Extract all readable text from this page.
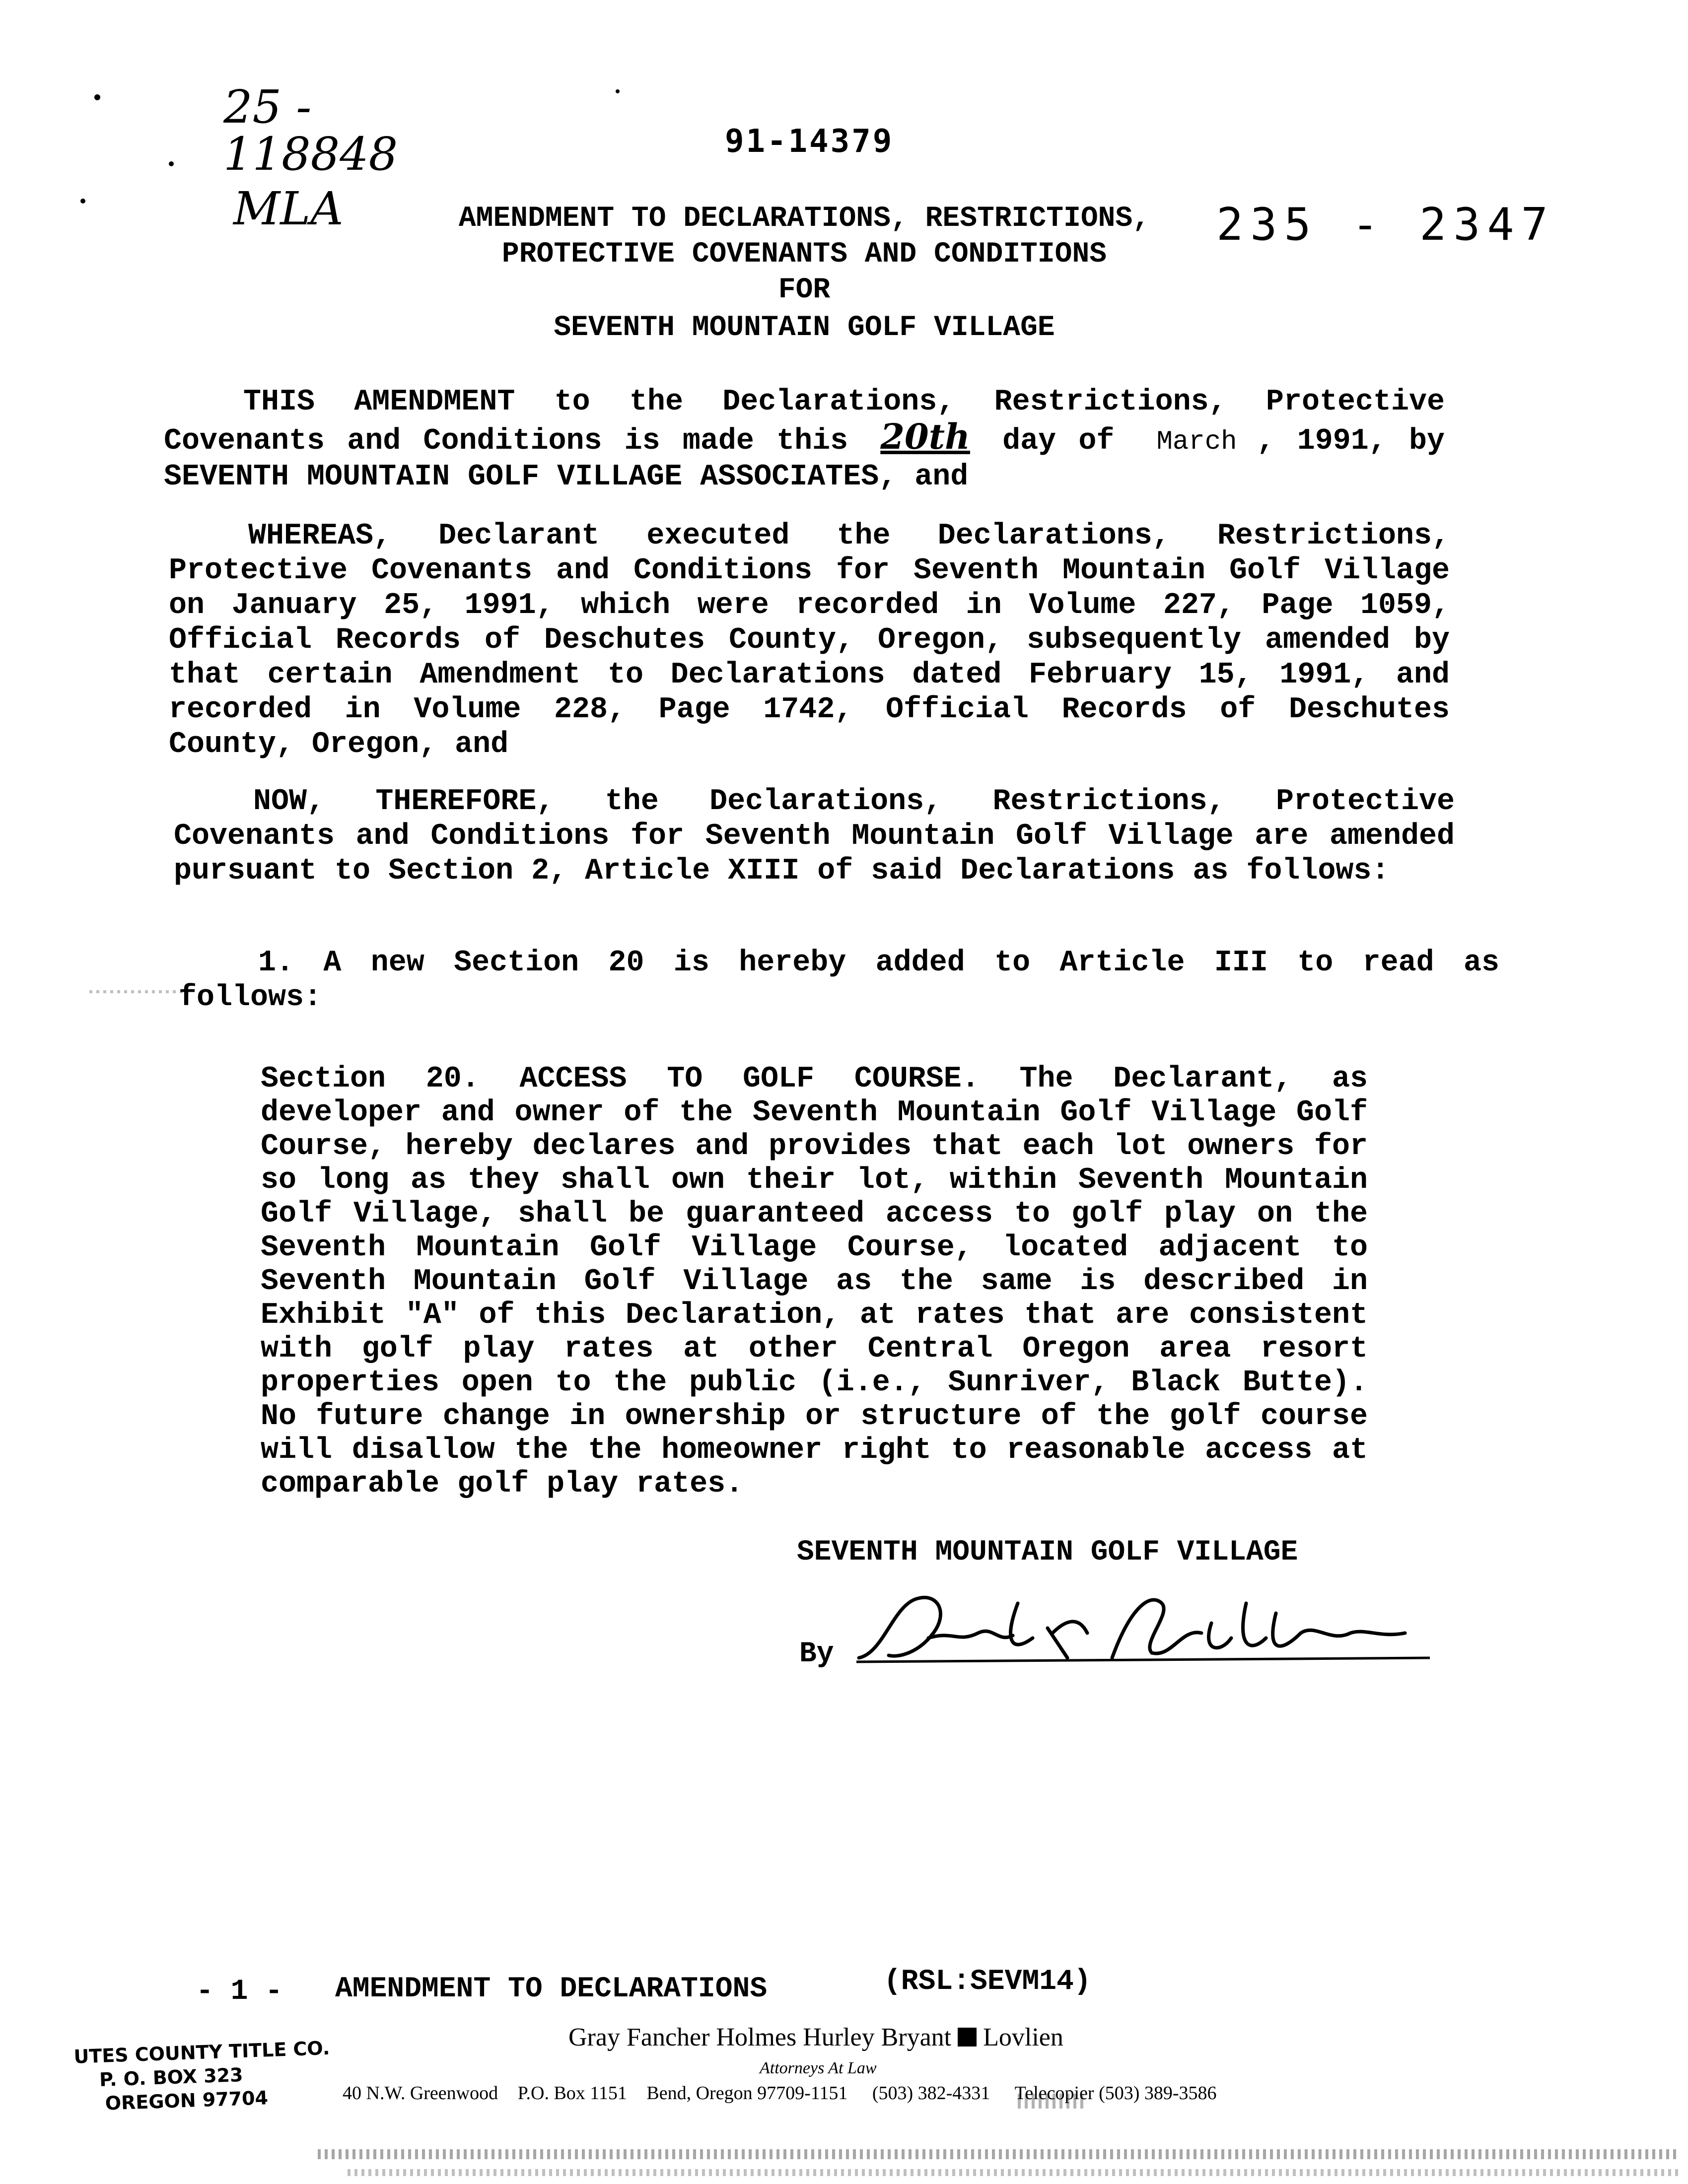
25 -
118848
MLA
91-14379
235 - 2347
AMENDMENT TO DECLARATIONS, RESTRICTIONS,
PROTECTIVE COVENANTS AND CONDITIONS
FOR
SEVENTH MOUNTAIN GOLF VILLAGE
THIS AMENDMENT to the Declarations, Restrictions, Protective Covenants and Conditions is made this 20th day of March , 1991, by SEVENTH MOUNTAIN GOLF VILLAGE ASSOCIATES, and
WHEREAS, Declarant executed the Declarations, Restrictions, Protective Covenants and Conditions for Seventh Mountain Golf Village on January 25, 1991, which were recorded in Volume 227, Page 1059, Official Records of Deschutes County, Oregon, subsequently amended by that certain Amendment to Declarations dated February 15, 1991, and recorded in Volume 228, Page 1742, Official Records of Deschutes County, Oregon, and
NOW, THEREFORE, the Declarations, Restrictions, Protective Covenants and Conditions for Seventh Mountain Golf Village are amended pursuant to Section 2, Article XIII of said Declarations as follows:
1. A new Section 20 is hereby added to Article III to read as follows:
Section 20. ACCESS TO GOLF COURSE. The Declarant, as developer and owner of the Seventh Mountain Golf Village Golf Course, hereby declares and provides that each lot owners for so long as they shall own their lot, within Seventh Mountain Golf Village, shall be guaranteed access to golf play on the Seventh Mountain Golf Village Course, located adjacent to Seventh Mountain Golf Village as the same is described in Exhibit "A" of this Declaration, at rates that are consistent with golf play rates at other Central Oregon area resort properties open to the public (i.e., Sunriver, Black Butte). No future change in ownership or structure of the golf course will disallow the the homeowner right to reasonable access at comparable golf play rates.
SEVENTH MOUNTAIN GOLF VILLAGE
By
- 1 - AMENDMENT TO DECLARATIONS	(RSL:SEVM14)
UTES COUNTY TITLE CO.
P. O. BOX 323
OREGON 97704
Gray Fancher Holmes Hurley Bryant Lovlien
Attorneys At Law
40 N.W. Greenwood P.O. Box 1151 Bend, Oregon 97709-1151 (503) 382-4331 Telecopier (503) 389-3586
